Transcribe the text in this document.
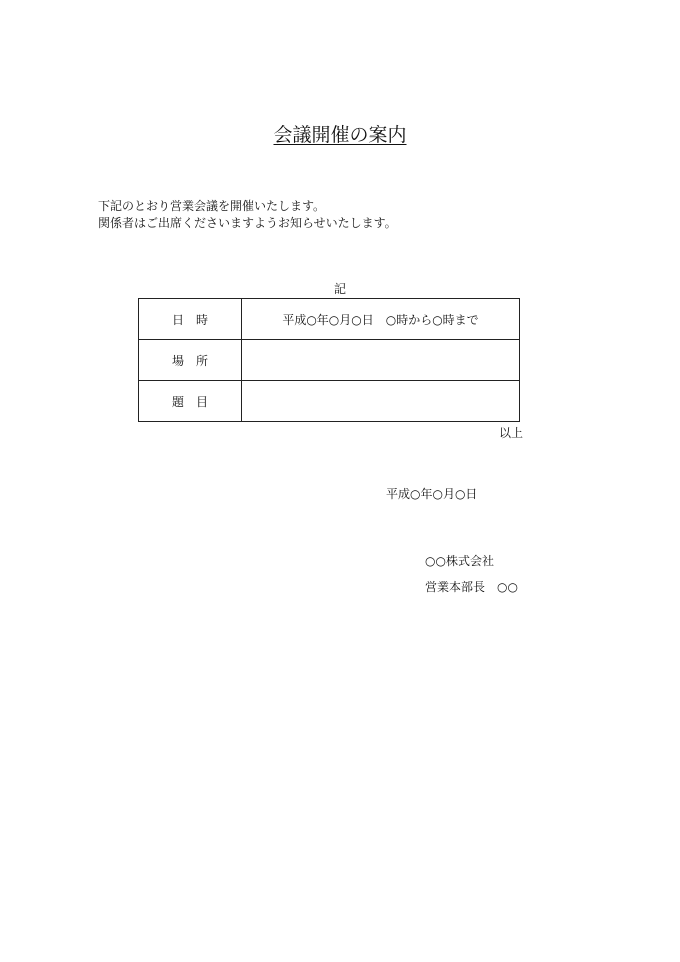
会議開催の案内
下記のとおり営業会議を開催いたします。
関係者はご出席くださいますようお知らせいたします。
記
日　時	平成○年○月○日　○時から○時まで
場　所	
題　目	
以上
平成○年○月○日
○○株式会社
営業本部長　○○
